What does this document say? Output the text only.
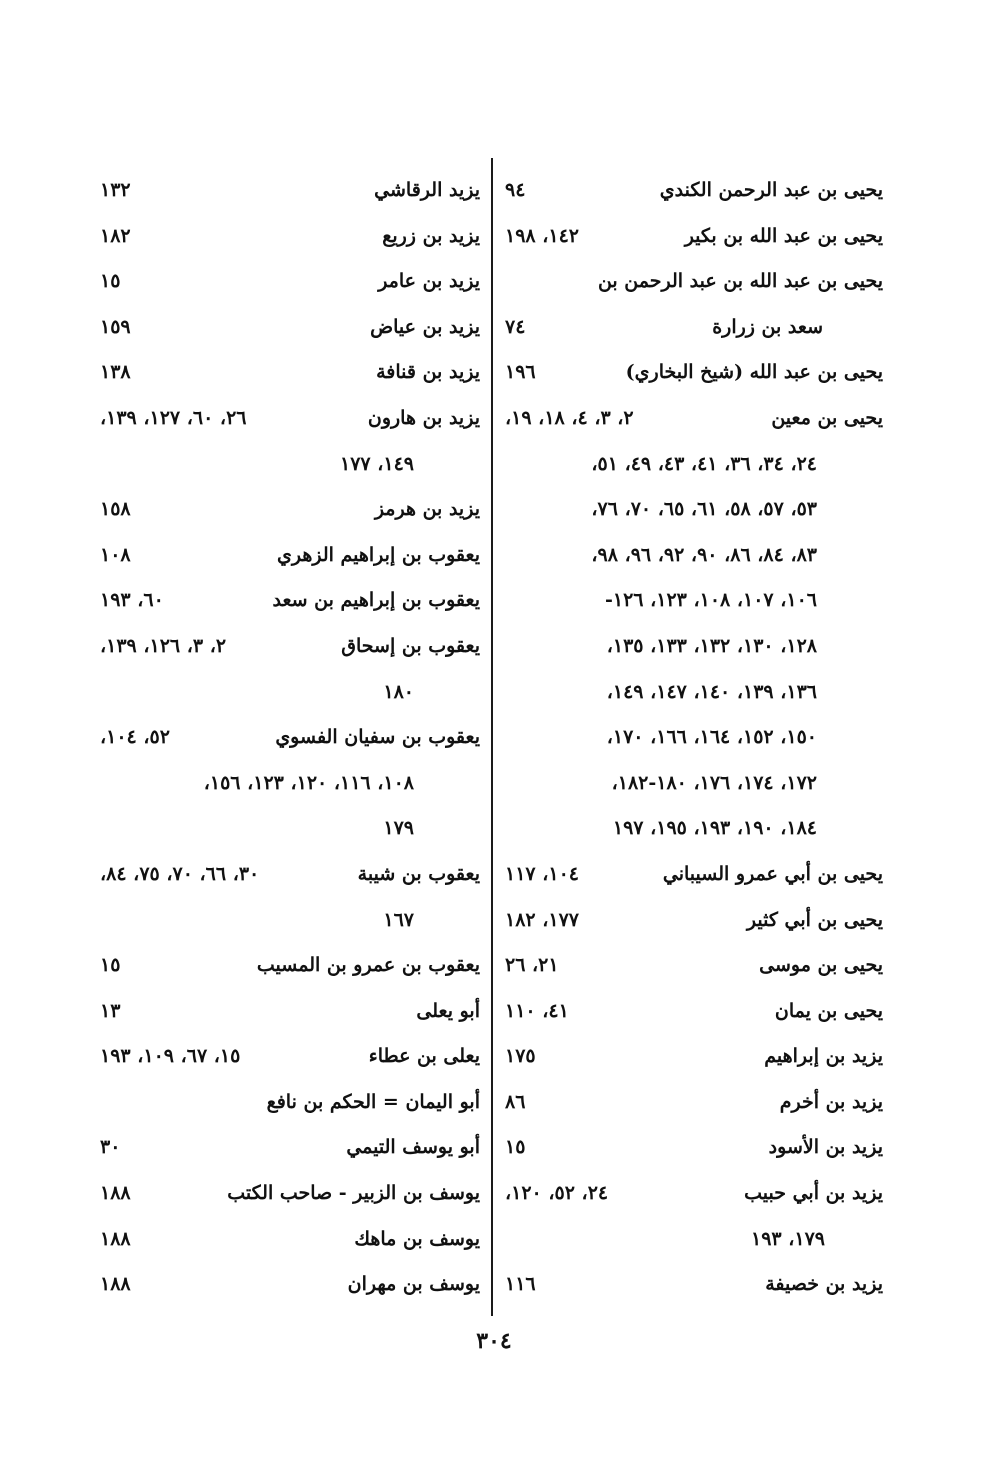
يحيى بن عبد الرحمن الكندي
٩٤
يحيى بن عبد الله بن بكير
١٤٢، ١٩٨
يحيى بن عبد الله بن عبد الرحمن بن
سعد بن زرارة
٧٤
يحيى بن عبد الله (شيخ البخاري)
١٩٦
يحيى بن معين
٢، ٣، ٤، ١٨، ١٩،
٢٤، ٣٤، ٣٦، ٤١، ٤٣، ٤٩، ٥١،
٥٣، ٥٧، ٥٨، ٦١، ٦٥، ٧٠، ٧٦،
٨٣، ٨٤، ٨٦، ٩٠، ٩٢، ٩٦، ٩٨،
١٠٦، ١٠٧، ١٠٨، ١٢٣، ١٢٦-
١٢٨، ١٣٠، ١٣٢، ١٣٣، ١٣٥،
١٣٦، ١٣٩، ١٤٠، ١٤٧، ١٤٩،
١٥٠، ١٥٢، ١٦٤، ١٦٦، ١٧٠،
١٧٢، ١٧٤، ١٧٦، ١٨٠-١٨٢،
١٨٤، ١٩٠، ١٩٣، ١٩٥، ١٩٧
يحيى بن أبي عمرو السيباني
١٠٤، ١١٧
يحيى بن أبي كثير
١٧٧، ١٨٢
يحيى بن موسى
٢١، ٢٦
يحيى بن يمان
٤١، ١١٠
يزيد بن إبراهيم
١٧٥
يزيد بن أخرم
٨٦
يزيد بن الأسود
١٥
يزيد بن أبي حبيب
٢٤، ٥٢، ١٢٠،
١٧٩، ١٩٣
يزيد بن خصيفة
١١٦
يزيد الرقاشي
١٣٢
يزيد بن زريع
١٨٢
يزيد بن عامر
١٥
يزيد بن عياض
١٥٩
يزيد بن قنافة
١٣٨
يزيد بن هارون
٢٦، ٦٠، ١٢٧، ١٣٩،
١٤٩، ١٧٧
يزيد بن هرمز
١٥٨
يعقوب بن إبراهيم الزهري
١٠٨
يعقوب بن إبراهيم بن سعد
٦٠، ١٩٣
يعقوب بن إسحاق
٢، ٣، ١٢٦، ١٣٩،
١٨٠
يعقوب بن سفيان الفسوي
٥٢، ١٠٤،
١٠٨، ١١٦، ١٢٠، ١٢٣، ١٥٦،
١٧٩
يعقوب بن شيبة
٣٠، ٦٦، ٧٠، ٧٥، ٨٤،
١٦٧
يعقوب بن عمرو بن المسيب
١٥
أبو يعلى
١٣
يعلى بن عطاء
١٥، ٦٧، ١٠٩، ١٩٣
أبو اليمان = الحكم بن نافع
أبو يوسف التيمي
٣٠
يوسف بن الزبير - صاحب الكتب
١٨٨
يوسف بن ماهك
١٨٨
يوسف بن مهران
١٨٨
٣٠٤
